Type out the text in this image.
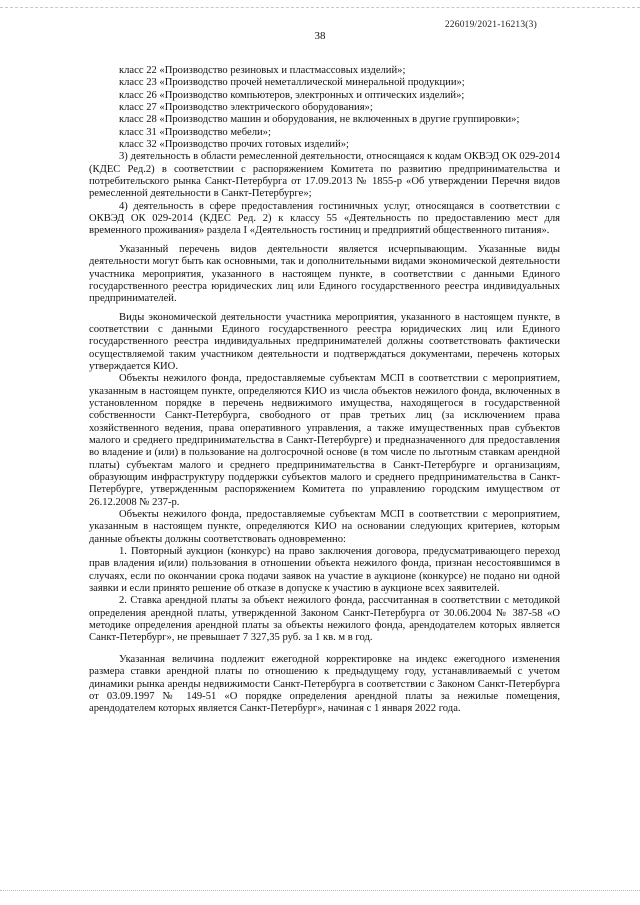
226019/2021-16213(3)
38

класс 22 «Производство резиновых и пластмассовых изделий»;

класс 23 «Производство прочей неметаллической минеральной продукции»;

класс 26 «Производство компьютеров, электронных и оптических изделий»;

класс 27 «Производство электрического оборудования»;

класс 28 «Производство машин и оборудования, не включенных в другие группировки»;

класс 31 «Производство мебели»;

класс 32 «Производство прочих готовых изделий»;

3) деятельность в области ремесленной деятельности, относящаяся к кодам ОКВЭД ОК 029-2014 (КДЕС Ред.2) в соответствии с распоряжением Комитета по развитию предпринимательства и потребительского рынка Санкт-Петербурга от 17.09.2013 № 1855-р «Об утверждении Перечня видов ремесленной деятельности в Санкт-Петербурге»;

4) деятельность в сфере предоставления гостиничных услуг, относящаяся в соответствии с ОКВЭД ОК 029-2014 (КДЕС Ред. 2) к классу 55 «Деятельность по предоставлению мест для временного проживания» раздела I «Деятельность гостиниц и предприятий общественного питания».

Указанный перечень видов деятельности является исчерпывающим. Указанные виды деятельности могут быть как основными, так и дополнительными видами экономической деятельности участника мероприятия, указанного в настоящем пункте, в соответствии с данными Единого государственного реестра юридических лиц или Единого государственного реестра индивидуальных предпринимателей.

Виды экономической деятельности участника мероприятия, указанного в настоящем пункте, в соответствии с данными Единого государственного реестра юридических лиц или Единого государственного реестра индивидуальных предпринимателей должны соответствовать фактически осуществляемой таким участником деятельности и подтверждаться документами, перечень которых утверждается КИО.

Объекты нежилого фонда, предоставляемые субъектам МСП в соответствии с мероприятием, указанным в настоящем пункте, определяются КИО из числа объектов нежилого фонда, включенных в установленном порядке в перечень недвижимого имущества, находящегося в государственной собственности Санкт-Петербурга, свободного от прав третьих лиц (за исключением права хозяйственного ведения, права оперативного управления, а также имущественных прав субъектов малого и среднего предпринимательства в Санкт-Петербурге) и предназначенного для предоставления во владение и (или) в пользование на долгосрочной основе (в том числе по льготным ставкам арендной платы) субъектам малого и среднего предпринимательства в Санкт-Петербурге и организациям, образующим инфраструктуру поддержки субъектов малого и среднего предпринимательства в Санкт-Петербурге, утвержденным распоряжением Комитета по управлению городским имуществом от 26.12.2008 № 237-р.

Объекты нежилого фонда, предоставляемые субъектам МСП в соответствии с мероприятием, указанным в настоящем пункте, определяются КИО на основании следующих критериев, которым данные объекты должны соответствовать одновременно:

1. Повторный аукцион (конкурс) на право заключения договора, предусматривающего переход прав владения и(или) пользования в отношении объекта нежилого фонда, признан несостоявшимся в случаях, если по окончании срока подачи заявок на участие в аукционе (конкурсе) не подано ни одной заявки и если принято решение об отказе в допуске к участию в аукционе всех заявителей.

2. Ставка арендной платы за объект нежилого фонда, рассчитанная в соответствии с методикой определения арендной платы, утвержденной Законом Санкт-Петербурга от 30.06.2004 № 387-58 «О методике определения арендной платы за объекты нежилого фонда, арендодателем которых является Санкт-Петербург», не превышает 7 327,35 руб. за 1 кв. м в год.

Указанная величина подлежит ежегодной корректировке на индекс ежегодного изменения размера ставки арендной платы по отношению к предыдущему году, устанавливаемый с учетом динамики рынка аренды недвижимости Санкт-Петербурга в соответствии с Законом Санкт-Петербурга от 03.09.1997 № 149-51 «О порядке определения арендной платы за нежилые помещения, арендодателем которых является Санкт-Петербург», начиная с 1 января 2022 года.
